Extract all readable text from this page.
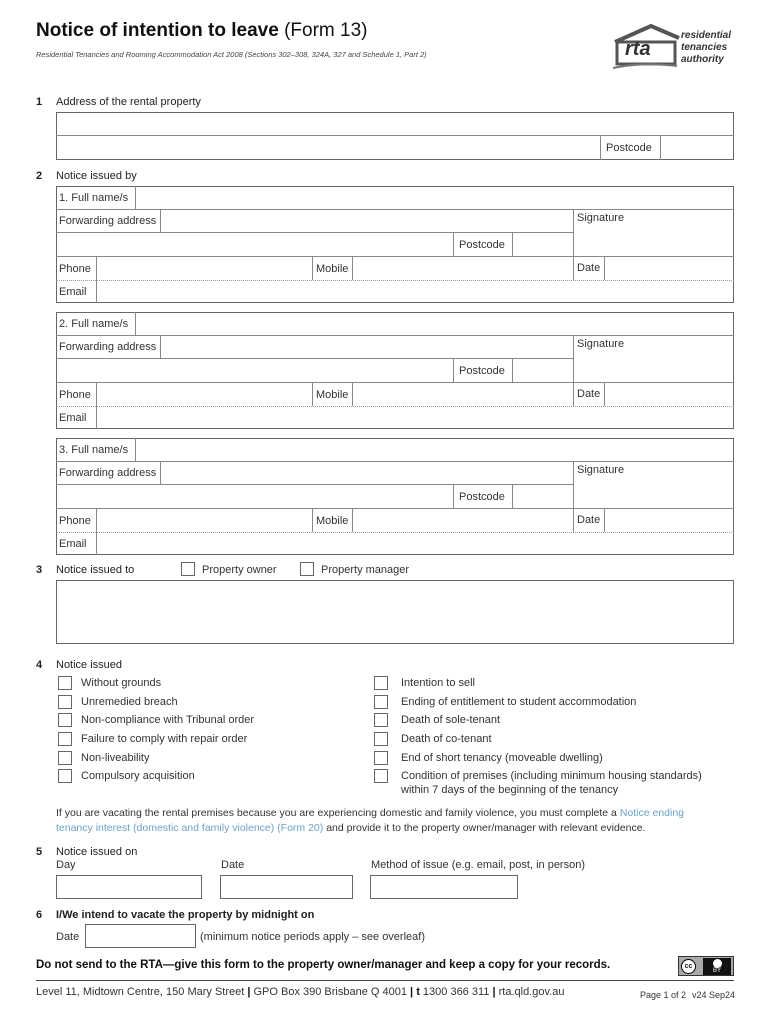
Notice of intention to leave (Form 13)
Residential Tenancies and Rooming Accommodation Act 2008 (Sections 302–308, 324A, 327 and Schedule 1, Part 2)	rta
residential
tenancies
authority
1 Address of the rental property
Postcode
2 Notice issued by
1. Full name/s
Forwarding address	Signature
Postcode
Phone	Mobile	Date
Email
2. Full name/s
Forwarding address	Signature
Postcode
Phone	Mobile	Date
Email
3. Full name/s
Forwarding address	Signature
Postcode
Phone	Mobile	Date
Email
3 Notice issued to	Property owner	Property manager
4 Notice issued
Without grounds	Intention to sell
Unremedied breach	Ending of entitlement to student accommodation
Non-compliance with Tribunal order	Death of sole-tenant
Failure to comply with repair order	Death of co-tenant
Non-liveability	End of short tenancy (moveable dwelling)
Compulsory acquisition	Condition of premises (including minimum housing standards)
within 7 days of the beginning of the tenancy
If you are vacating the rental premises because you are experiencing domestic and family violence, you must complete a Notice ending
tenancy interest (domestic and family violence) (Form 20) and provide it to the property owner/manager with relevant evidence.
5 Notice issued on
Day	Date	Method of issue (e.g. email, post, in person)
6 I/We intend to vacate the property by midnight on
Date	(minimum notice periods apply – see overleaf)
Do not send to the RTA—give this form to the property owner/manager and keep a copy for your records.	cc
BY
Level 11, Midtown Centre, 150 Mary Street | GPO Box 390 Brisbane Q 4001 | t 1300 366 311 | rta.qld.gov.au	Page 1 of 2 v24 Sep24
